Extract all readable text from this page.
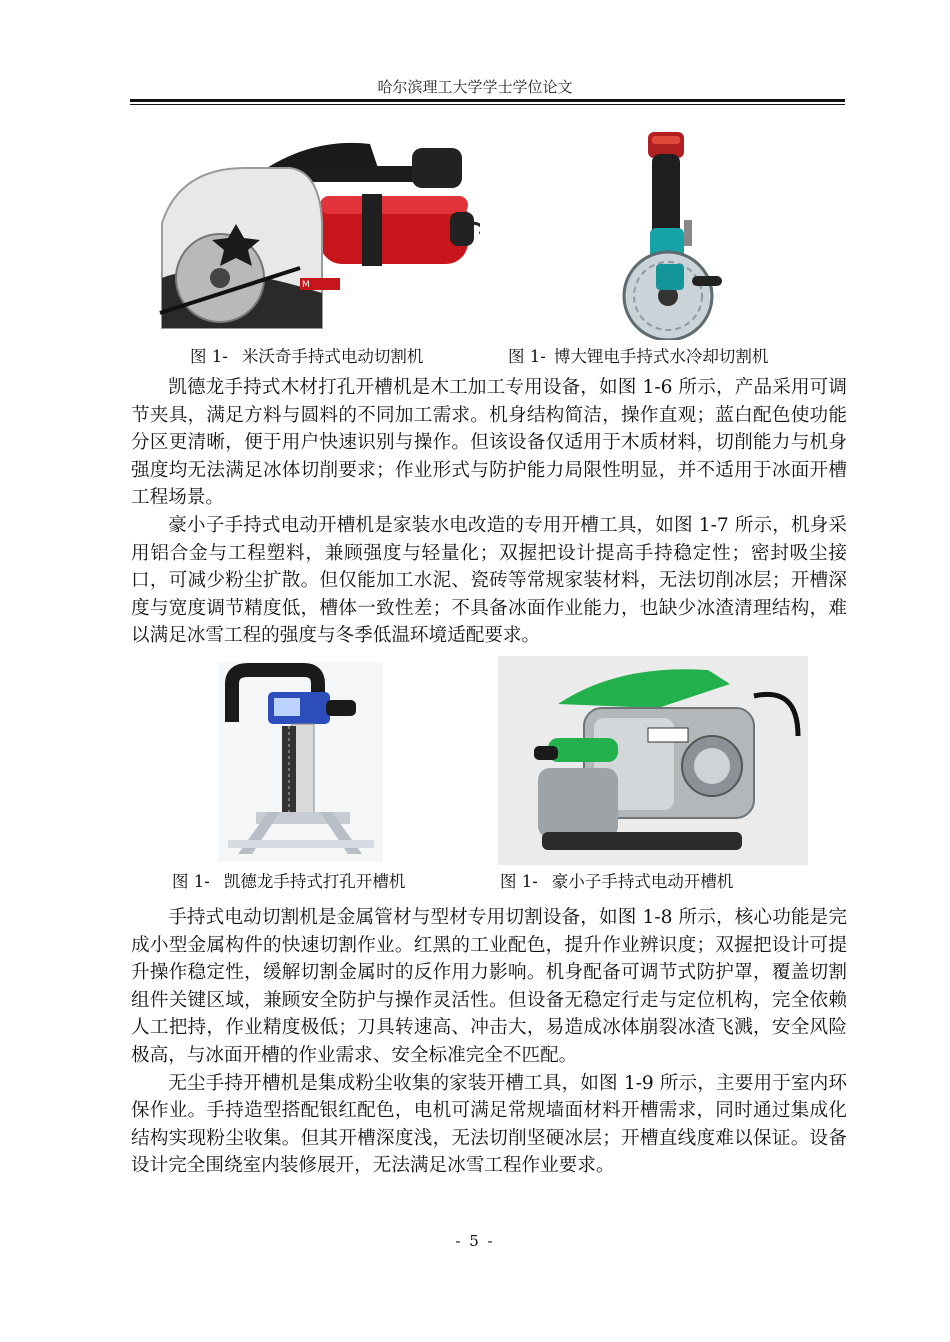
哈尔滨理工大学学士学位论文
M
图 1- 米沃奇手持式电动切割机	图 1- 博大锂电手持式水冷却切割机

凯德龙手持式木材打孔开槽机是木工加工专用设备，如图 1-6 所示，产品采用可调节夹具，满足方料与圆料的不同加工需求。机身结构简洁，操作直观；蓝白配色使功能分区更清晰，便于用户快速识别与操作。但该设备仅适用于木质材料，切削能力与机身强度均无法满足冰体切削要求；作业形式与防护能力局限性明显，并不适用于冰面开槽工程场景。

豪小子手持式电动开槽机是家装水电改造的专用开槽工具，如图 1-7 所示，机身采用铝合金与工程塑料，兼顾强度与轻量化；双握把设计提高手持稳定性；密封吸尘接口，可减少粉尘扩散。但仅能加工水泥、瓷砖等常规家装材料，无法切削冰层；开槽深度与宽度调节精度低，槽体一致性差；不具备冰面作业能力，也缺少冰渣清理结构，难以满足冰雪工程的强度与冬季低温环境适配要求。

图 1- 凯德龙手持式打孔开槽机	图 1- 豪小子手持式电动开槽机

手持式电动切割机是金属管材与型材专用切割设备，如图 1-8 所示，核心功能是完成小型金属构件的快速切割作业。红黑的工业配色，提升作业辨识度；双握把设计可提升操作稳定性，缓解切割金属时的反作用力影响。机身配备可调节式防护罩，覆盖切割组件关键区域，兼顾安全防护与操作灵活性。但设备无稳定行走与定位机构，完全依赖人工把持，作业精度极低；刀具转速高、冲击大，易造成冰体崩裂冰渣飞溅，安全风险极高，与冰面开槽的作业需求、安全标准完全不匹配。

无尘手持开槽机是集成粉尘收集的家装开槽工具，如图 1-9 所示，主要用于室内环保作业。手持造型搭配银红配色，电机可满足常规墙面材料开槽需求，同时通过集成化结构实现粉尘收集。但其开槽深度浅，无法切削坚硬冰层；开槽直线度难以保证。设备设计完全围绕室内装修展开，无法满足冰雪工程作业要求。

- 5 -
